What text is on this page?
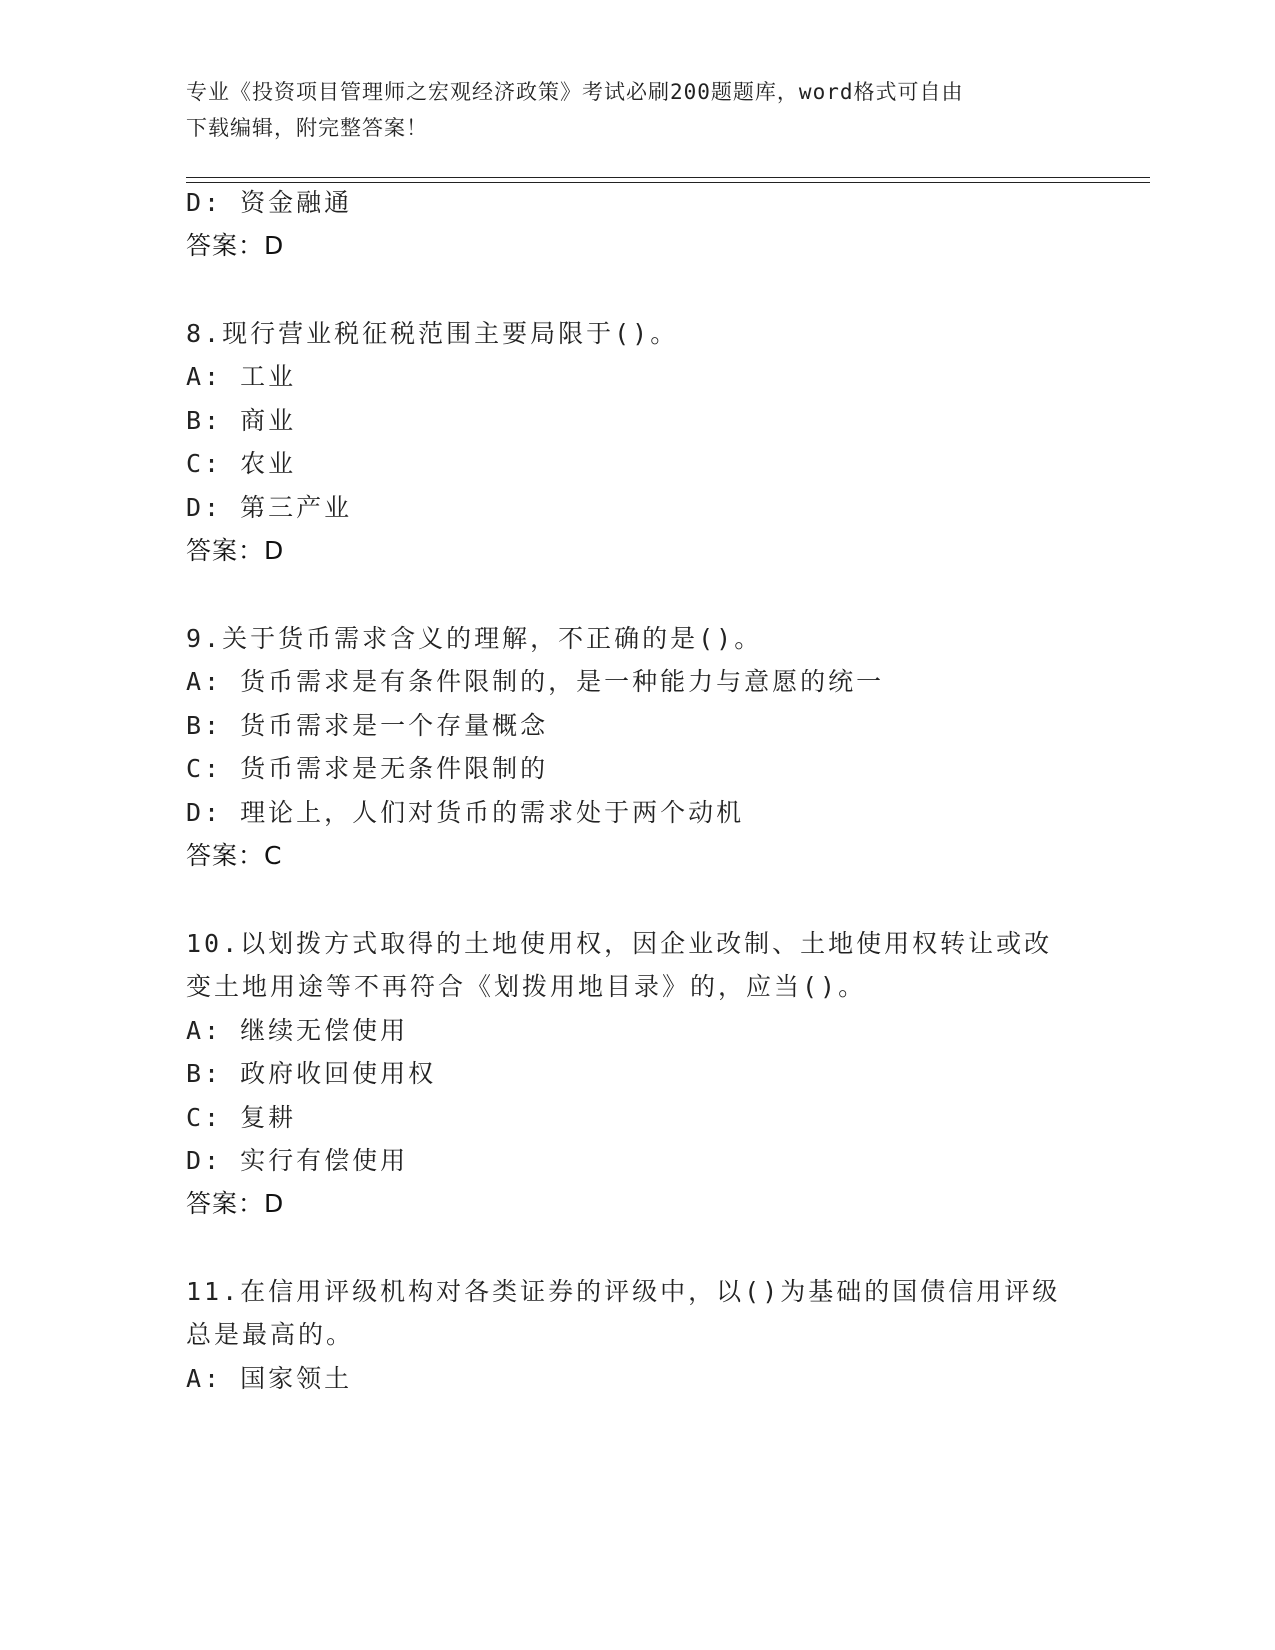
专业《投资项目管理师之宏观经济政策》考试必刷200题题库，word格式可自由
下载编辑，附完整答案！
D: 资金融通
答案：D
8.现行营业税征税范围主要局限于()。
A: 工业
B: 商业
C: 农业
D: 第三产业
答案：D
9.关于货币需求含义的理解，不正确的是()。
A: 货币需求是有条件限制的，是一种能力与意愿的统一
B: 货币需求是一个存量概念
C: 货币需求是无条件限制的
D: 理论上，人们对货币的需求处于两个动机
答案：C
10.以划拨方式取得的土地使用权，因企业改制、土地使用权转让或改
变土地用途等不再符合《划拨用地目录》的，应当()。
A: 继续无偿使用
B: 政府收回使用权
C: 复耕
D: 实行有偿使用
答案：D
11.在信用评级机构对各类证券的评级中，以()为基础的国债信用评级
总是最高的。
A: 国家领土
